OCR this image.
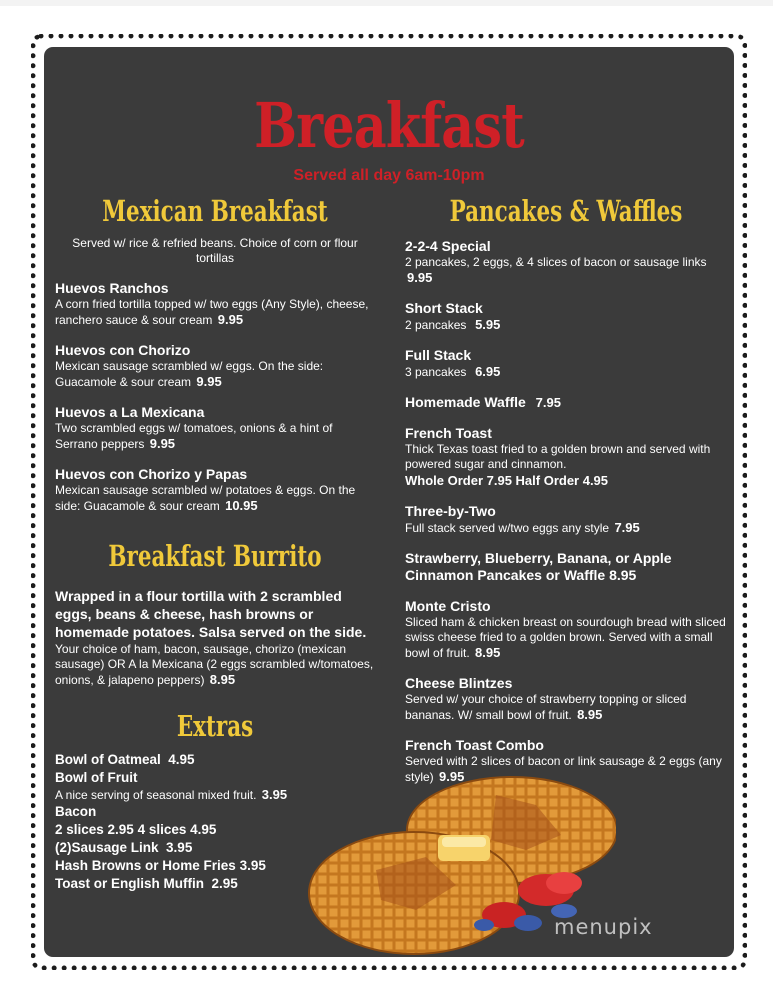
Breakfast
Served all day 6am-10pm
Mexican Breakfast
Served w/ rice & refried beans. Choice of corn or flour tortillas
Huevos Ranchos
A corn fried tortilla topped w/ two eggs (Any Style), cheese, ranchero sauce & sour cream 9.95
Huevos con Chorizo
Mexican sausage scrambled w/ eggs. On the side: Guacamole & sour cream 9.95
Huevos a La Mexicana
Two scrambled eggs w/ tomatoes, onions & a hint of Serrano peppers 9.95
Huevos con Chorizo y Papas
Mexican sausage scrambled w/ potatoes & eggs. On the side: Guacamole & sour cream 10.95
Breakfast Burrito
Wrapped in a flour tortilla with 2 scrambled eggs, beans & cheese, hash browns or homemade potatoes. Salsa served on the side.
Your choice of ham, bacon, sausage, chorizo (mexican sausage) OR A la Mexicana (2 eggs scrambled w/tomatoes, onions, & jalapeno peppers) 8.95
Extras
Bowl of Oatmeal 4.95
Bowl of Fruit
A nice serving of seasonal mixed fruit. 3.95
Bacon
2 slices 2.95 4 slices 4.95
(2)Sausage Link 3.95
Hash Browns or Home Fries 3.95
Toast or English Muffin 2.95
Pancakes & Waffles
2-2-4 Special
2 pancakes, 2 eggs, & 4 slices of bacon or sausage links 9.95
Short Stack
2 pancakes 5.95
Full Stack
3 pancakes 6.95
Homemade Waffle 7.95
French Toast
Thick Texas toast fried to a golden brown and served with powered sugar and cinnamon.
Whole Order 7.95 Half Order 4.95
Three-by-Two
Full stack served w/two eggs any style 7.95
Strawberry, Blueberry, Banana, or Apple Cinnamon Pancakes or Waffle 8.95
Monte Cristo
Sliced ham & chicken breast on sourdough bread with sliced swiss cheese fried to a golden brown. Served with a small bowl of fruit. 8.95
Cheese Blintzes
Served w/ your choice of strawberry topping or sliced bananas. W/ small bowl of fruit. 8.95
French Toast Combo
Served with 2 slices of bacon or link sausage & 2 eggs (any style) 9.95
menupix
